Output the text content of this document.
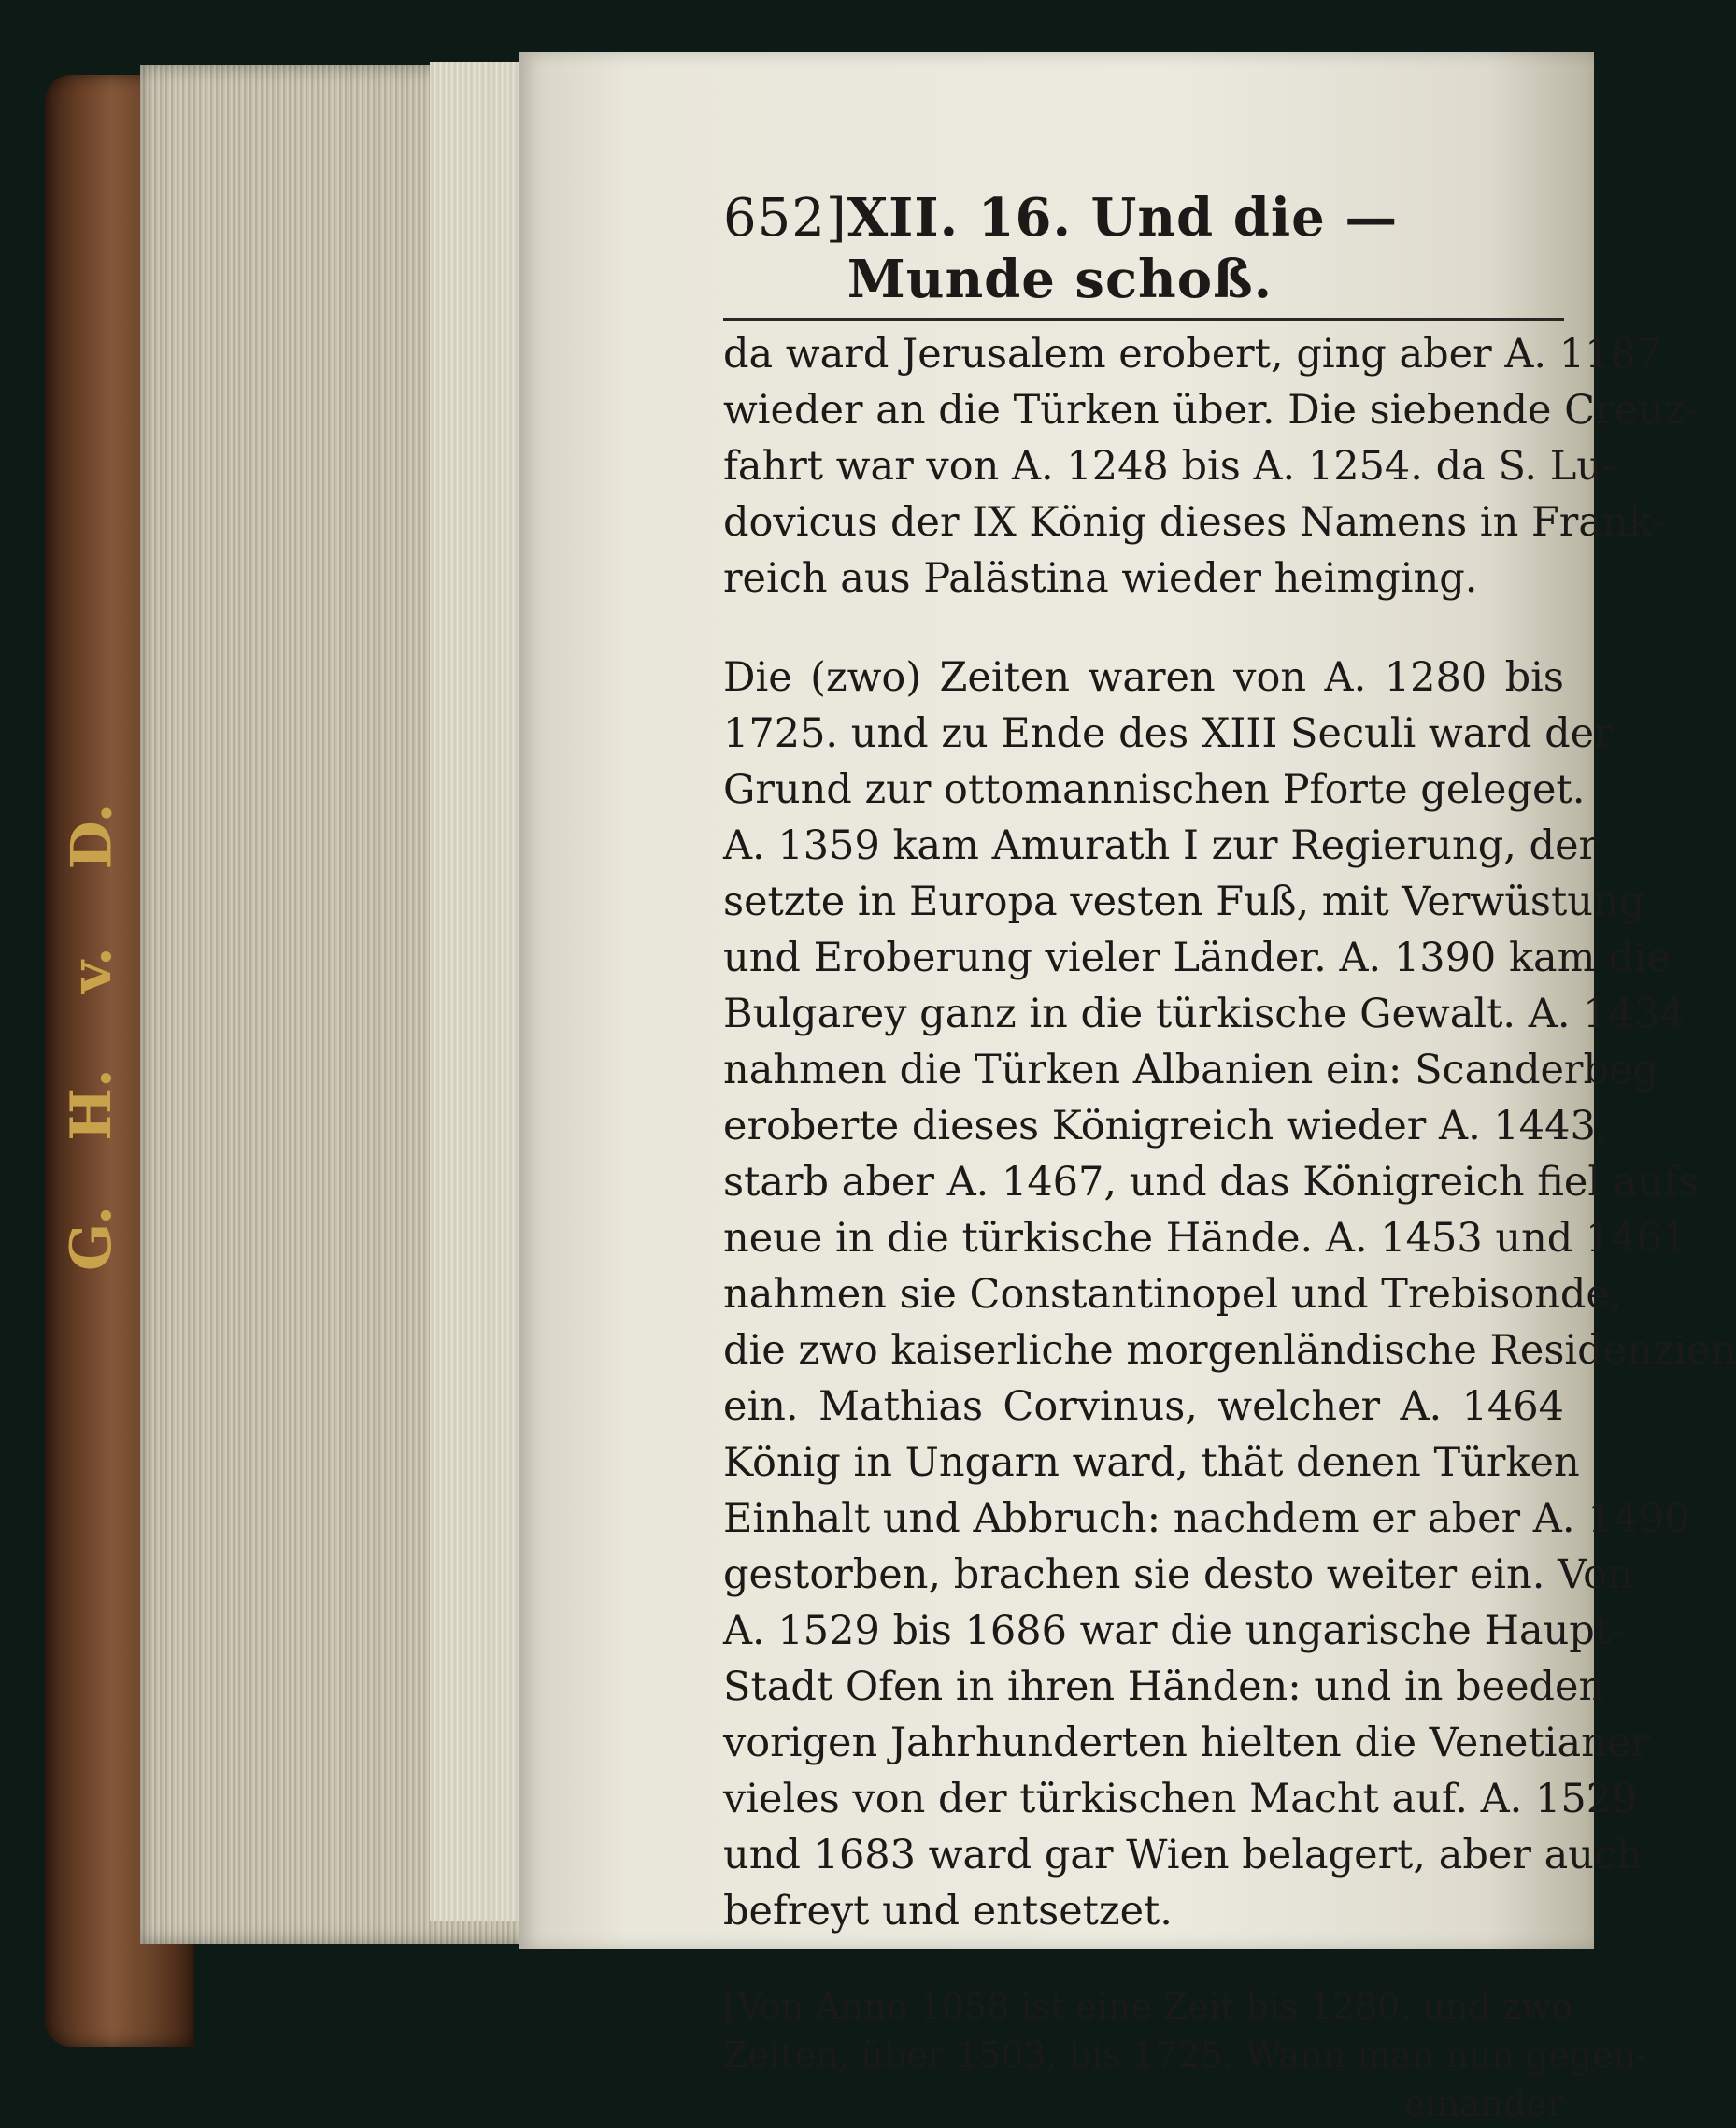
D.
v.
H.
G.
652] XII. 16. Und die — Munde schoß.
da ward Jerusalem erobert, ging aber A. 1187
wieder an die Türken über. Die siebende Creuz-
fahrt war von A. 1248 bis A. 1254. da S. Lu-
dovicus der IX König dieses Namens in Frank-
reich aus Palästina wieder heimging.
Die (zwo) Zeiten waren von A. 1280 bis
1725. und zu Ende des XIII Seculi ward der
Grund zur ottomannischen Pforte geleget.
A. 1359 kam Amurath I zur Regierung, der
setzte in Europa vesten Fuß, mit Verwüstung
und Eroberung vieler Länder. A. 1390 kam die
Bulgarey ganz in die türkische Gewalt. A. 1434
nahmen die Türken Albanien ein: Scanderbeg
eroberte dieses Königreich wieder A. 1443,
starb aber A. 1467, und das Königreich fiel aufs
neue in die türkische Hände. A. 1453 und 1461
nahmen sie Constantinopel und Trebisonde,
die zwo kaiserliche morgenländische Residenzien
ein. Mathias Corvinus, welcher A. 1464
König in Ungarn ward, thät denen Türken
Einhalt und Abbruch: nachdem er aber A. 1490
gestorben, brachen sie desto weiter ein. Von
A. 1529 bis 1686 war die ungarische Haupt-
Stadt Ofen in ihren Händen: und in beeden
vorigen Jahrhunderten hielten die Venetianer
vieles von der türkischen Macht auf. A. 1529
und 1683 ward gar Wien belagert, aber auch
befreyt und entsetzet.
[Von Anno 1058 ist eine Zeit bis 1280. und zwo
Zeiten, über 1503, bis 1725. Wann man nun gegen-
einander
